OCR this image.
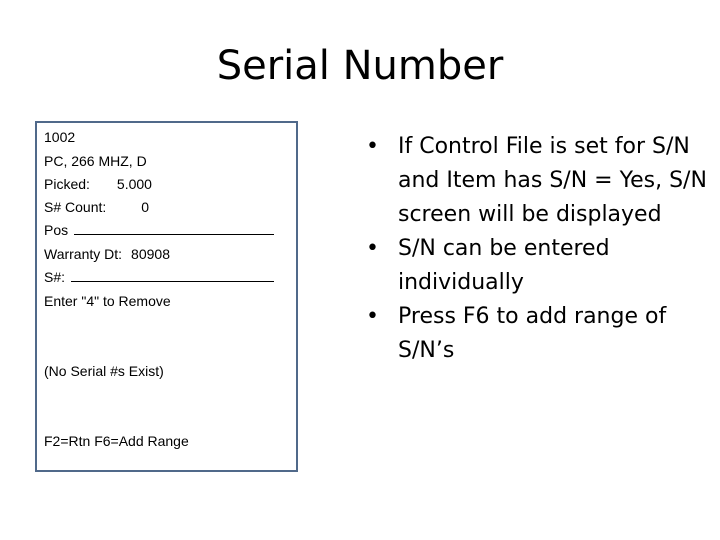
Serial Number
1002
PC, 266 MHZ, D
Picked: 5.000
S# Count:	0
Pos
Warranty Dt: 80908
S#:
Enter "4" to Remove
(No Serial #s Exist)
F2=Rtn F6=Add Range
• If Control File is set for S/N and Item has S/N = Yes, S/N screen will be displayed
• S/N can be entered individually
• Press F6 to add range of S/N’s
